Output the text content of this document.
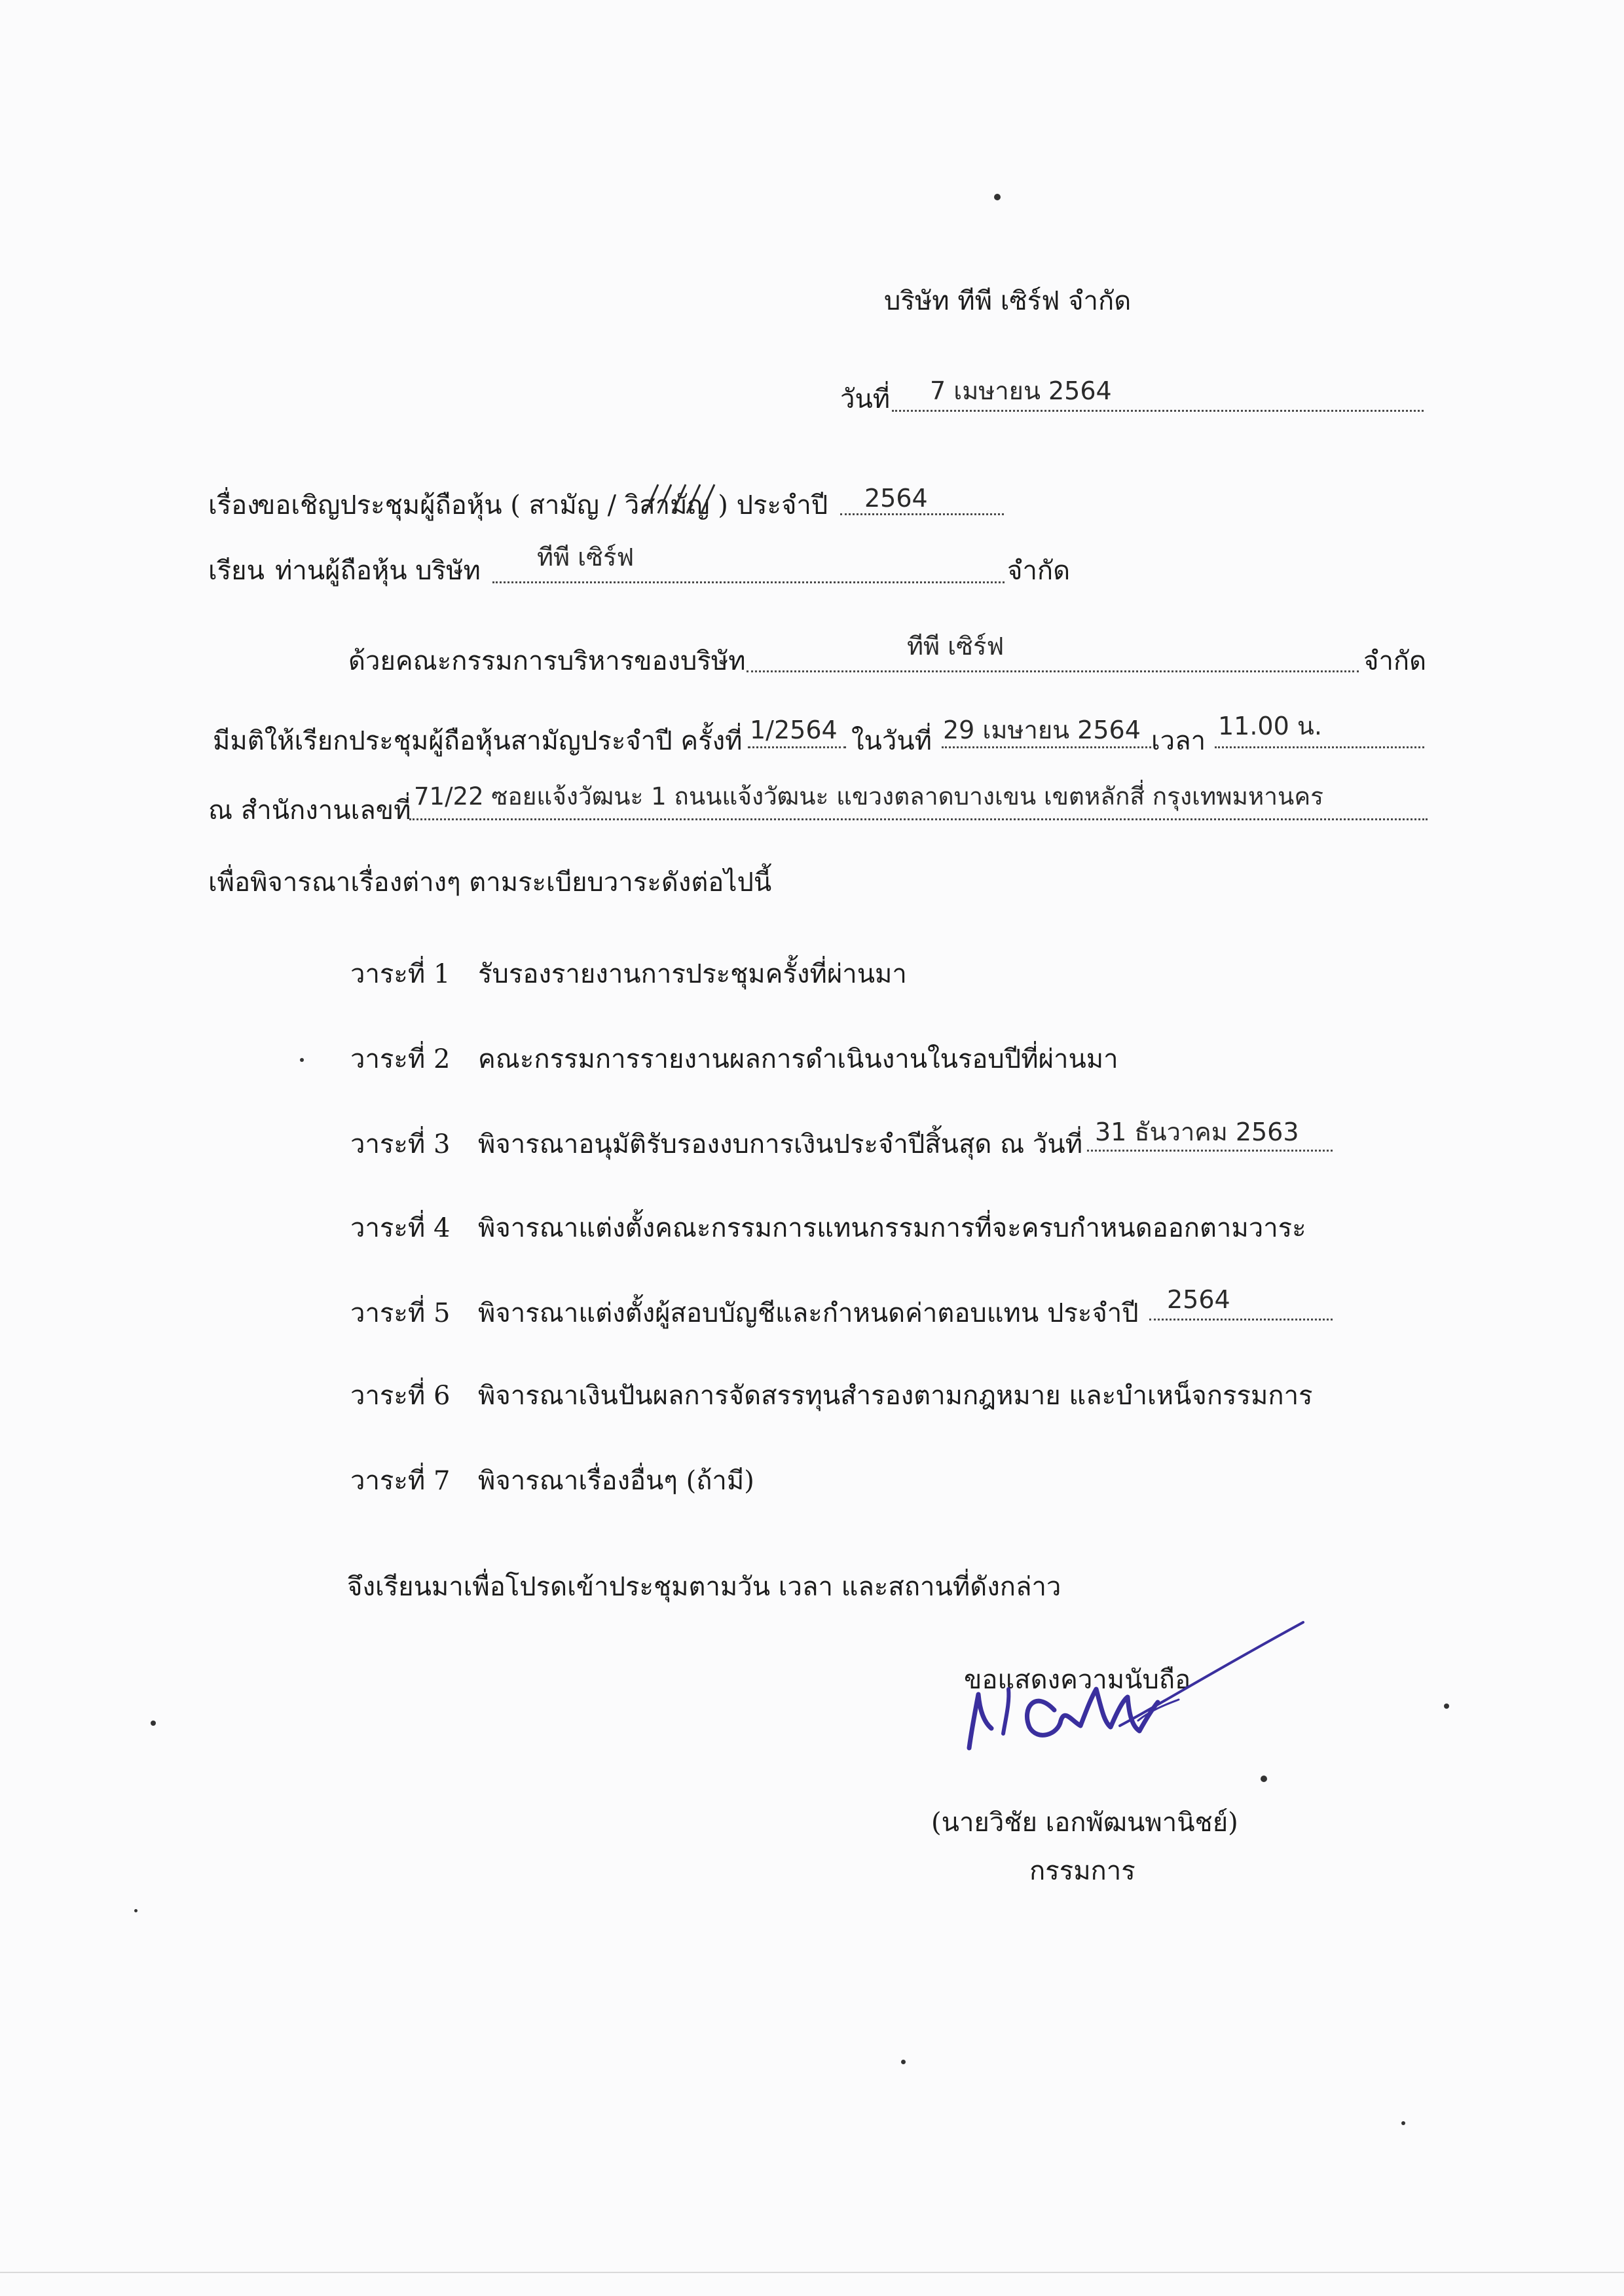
บริษัท ทีพี เซิร์ฟ จำกัด
วันที่ 7 เมษายน 2564
เรื่อง
ขอเชิญประชุมผู้ถือหุ้น ( สามัญ / วิสามัญ ) ประจำปี 2564
เรียน ท่านผู้ถือหุ้น บริษัท ทีพี เซิร์ฟ	จำกัด
ด้วยคณะกรรมการบริหารของบริษัท	ทีพี เซิร์ฟ	จำกัด
มีมติให้เรียกประชุมผู้ถือหุ้นสามัญประจำปี ครั้งที่ 1/2564 ในวันที่ 29 เมษายน 2564 เวลา 11.00 น.
ณ สำนักงานเลขที่ 71/22 ซอยแจ้งวัฒนะ 1 ถนนแจ้งวัฒนะ แขวงตลาดบางเขน เขตหลักสี่ กรุงเทพมหานคร
เพื่อพิจารณาเรื่องต่างๆ ตามระเบียบวาระดังต่อไปนี้
วาระที่ 1 รับรองรายงานการประชุมครั้งที่ผ่านมา
วาระที่ 2 คณะกรรมการรายงานผลการดำเนินงานในรอบปีที่ผ่านมา
วาระที่ 3 พิจารณาอนุมัติรับรองงบการเงินประจำปีสิ้นสุด ณ วันที่ 31 ธันวาคม 2563
วาระที่ 4 พิจารณาแต่งตั้งคณะกรรมการแทนกรรมการที่จะครบกำหนดออกตามวาระ
วาระที่ 5 พิจารณาแต่งตั้งผู้สอบบัญชีและกำหนดค่าตอบแทน ประจำปี 2564
วาระที่ 6 พิจารณาเงินปันผลการจัดสรรทุนสำรองตามกฎหมาย และบำเหน็จกรรมการ
วาระที่ 7 พิจารณาเรื่องอื่นๆ (ถ้ามี)
จึงเรียนมาเพื่อโปรดเข้าประชุมตามวัน เวลา และสถานที่ดังกล่าว
ขอแสดงความนับถือ
(นายวิชัย เอกพัฒนพานิชย์)
กรรมการ
